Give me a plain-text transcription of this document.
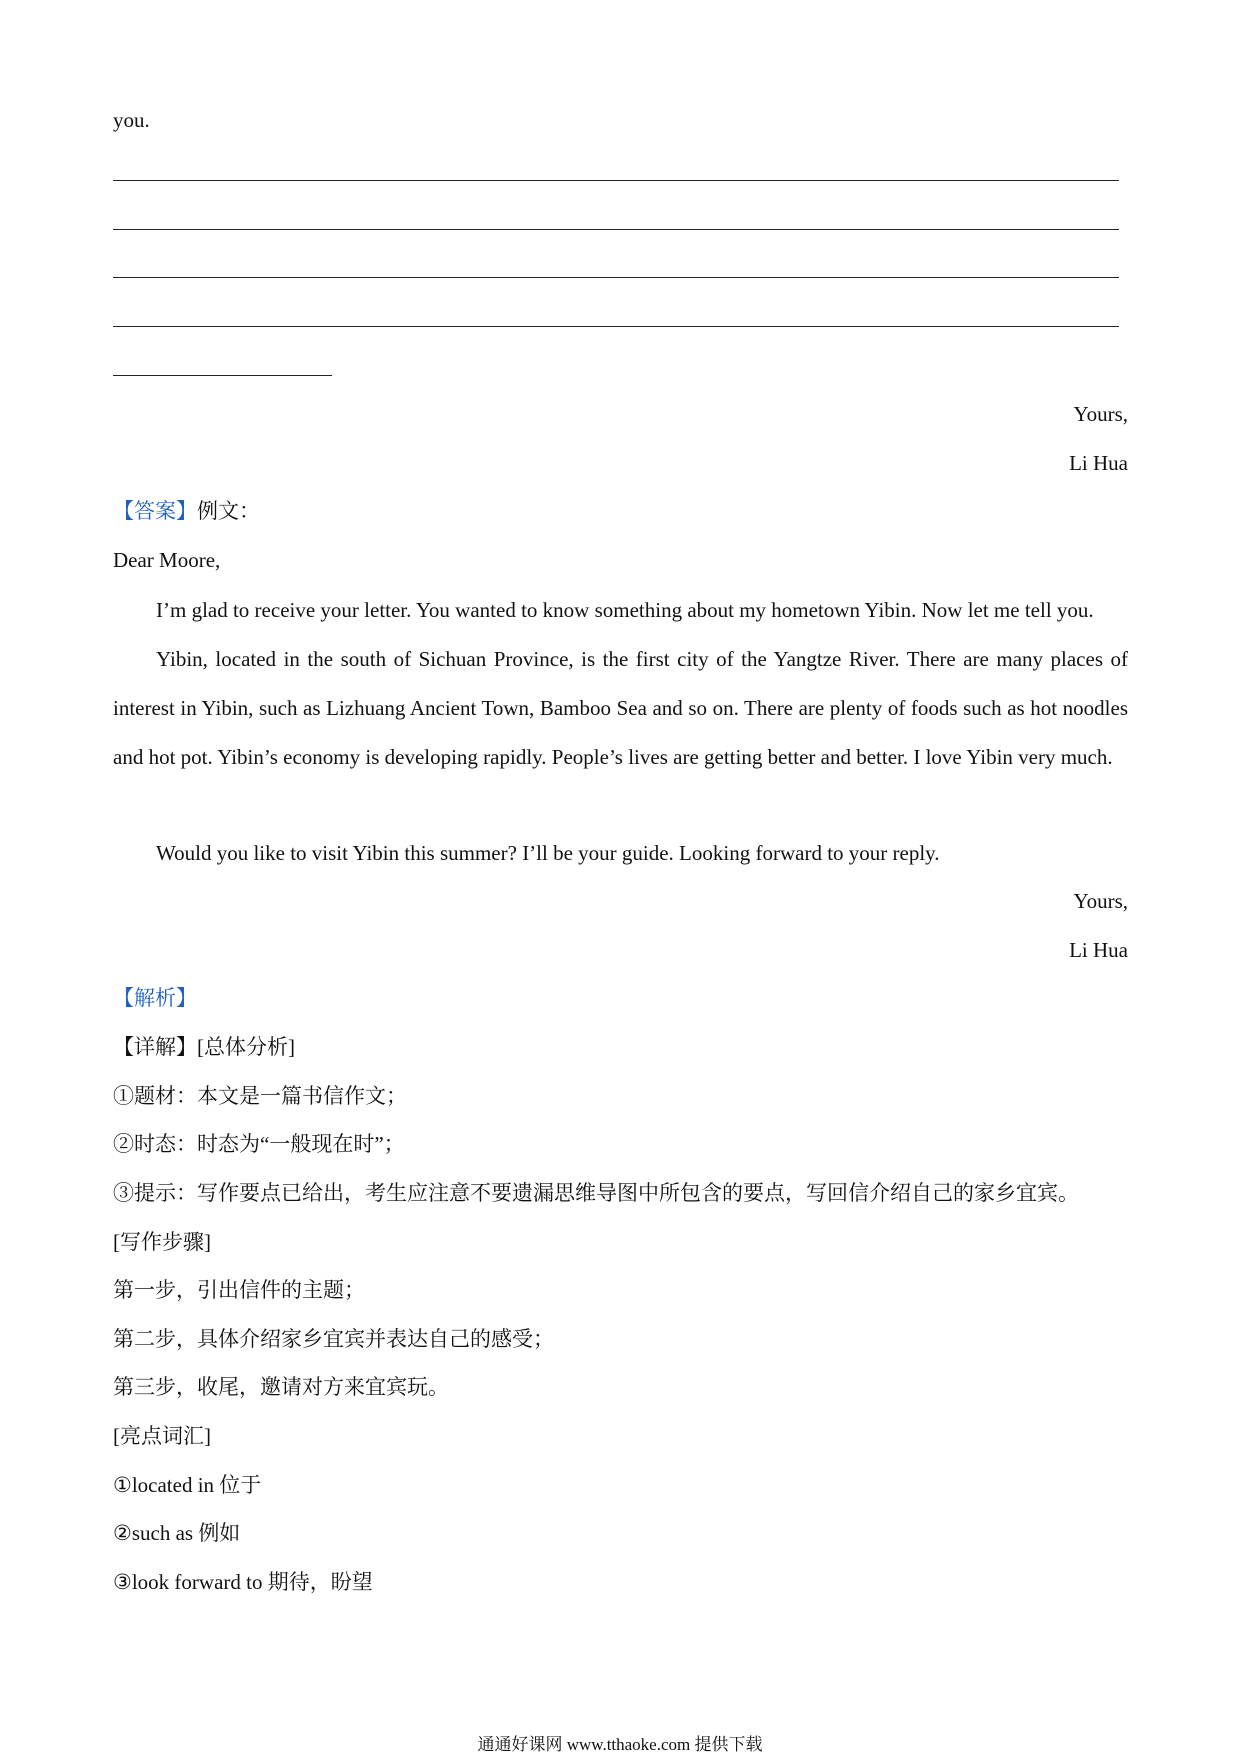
you.
Yours,
Li Hua
【答案】例文：
Dear Moore,
I’m glad to receive your letter. You wanted to know something about my hometown Yibin. Now let me tell you.
Yibin, located in the south of Sichuan Province, is the first city of the Yangtze River. There are many places of interest in Yibin, such as Lizhuang Ancient Town, Bamboo Sea and so on. There are plenty of foods such as hot noodles and hot pot. Yibin’s economy is developing rapidly. People’s lives are getting better and better. I love Yibin very much.
Would you like to visit Yibin this summer? I’ll be your guide. Looking forward to your reply.
Yours,
Li Hua
【解析】
【详解】[总体分析]
①题材：本文是一篇书信作文；
②时态：时态为“一般现在时”；
③提示：写作要点已给出，考生应注意不要遗漏思维导图中所包含的要点，写回信介绍自己的家乡宜宾。
[写作步骤]
第一步，引出信件的主题；
第二步，具体介绍家乡宜宾并表达自己的感受；
第三步，收尾，邀请对方来宜宾玩。
[亮点词汇]
①located in 位于
②such as 例如
③look forward to 期待，盼望
通通好课网 www.tthaoke.com 提供下载
